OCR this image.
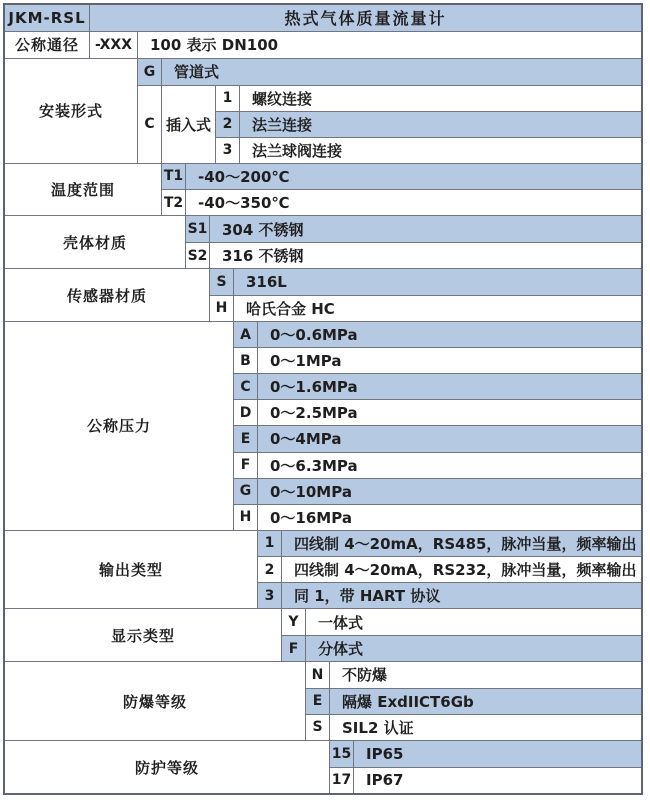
JKM-RSL	热式气体质量流量计
公称通径	-XXX	100 表示 DN100
安装形式
G	管道式
C 插入式
1	螺纹连接
2	法兰连接
3	法兰球阀连接
温度范围
T1 -40～200℃
T2 -40～350℃
壳体材质
S1 304 不锈钢
S2 316 不锈钢
传感器材质
S	316L
H	哈氏合金 HC
公称压力
A	0～0.6MPa
B	0～1MPa
C	0～1.6MPa
D	0～2.5MPa
E	0～4MPa
F	0～6.3MPa
G	0～10MPa
H	0～16MPa
输出类型
1	四线制 4～20mA，RS485，脉冲当量，频率输出
2	四线制 4～20mA，RS232，脉冲当量，频率输出
3	同 1，带 HART 协议
显示类型
Y	一体式
F	分体式
防爆等级
N	不防爆
E	隔爆 ExdIICT6Gb
S	SIL2 认证
防护等级
15 IP65
17 IP67
